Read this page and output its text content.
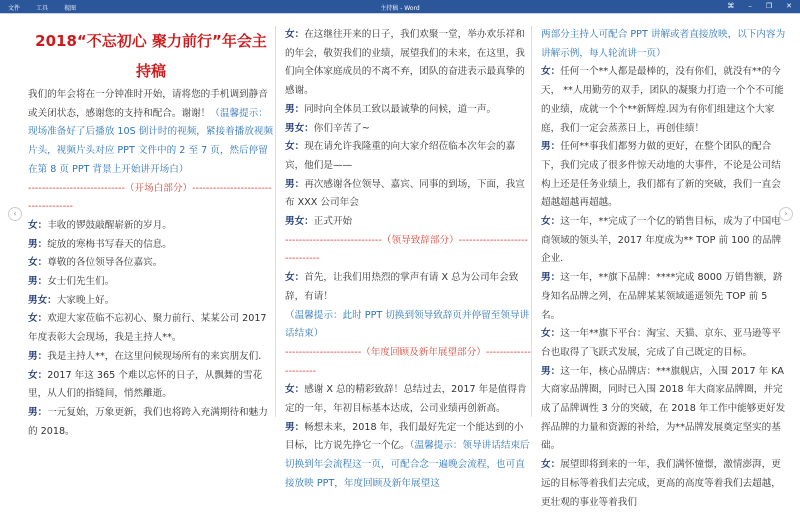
文件	工具	视图	主持稿 - Word	⌘ – ❐ ✕
‹	›
2018“不忘初心 聚力前行”年会主持稿
我们的年会将在一分钟准时开始，请将您的手机调到静音或关闭状态，感谢您的支持和配合。谢谢！（温馨提示：现场准备好了后播放 10S 倒计时的视频，紧接着播放视频片头，视频片头对应 PPT 文件中的 2 至 7 页，然后停留在第 8 页 PPT 背景上开始讲开场白）
----------------------------（开场白部分）------------------------------------
女：丰收的锣鼓敲醒崭新的岁月。
男：绽放的寒梅书写春天的信息。
女：尊敬的各位领导各位嘉宾。
男：女士们先生们。
男女：大家晚上好。
女：欢迎大家莅临不忘初心、聚力前行、某某公司 2017 年度表彰大会现场，我是主持人**。
男：我是主持人**，在这里问候现场所有的来宾朋友们.
女：2017 年这 365 个难以忘怀的日子，从飘舞的雪花里，从人们的指缝间，悄然離逝。
男：一元复始，万象更新，我们也将跨入充满期待和魅力的 2018。
女：在这继往开来的日子，我们欢聚一堂，举办欢乐祥和的年会，敬贺我们的业绩，展望我们的未来，在这里，我们向全体家庭成员的不离不弃，团队的奋进表示最真挚的感谢。
男：同时向全体员工致以最诚挚的问候，道一声。
男女：你们辛苦了~
女：现在请允许我隆重的向大家介绍莅临本次年会的嘉宾，他们是——
男：再次感谢各位领导、嘉宾、同事的到场，下面，我宣布 XXX 公司年会
男女：正式开始
----------------------------（领导致辞部分）------------------------------
女：首先，让我们用热烈的掌声有请 X 总为公司年会致辞，有请！
（温馨提示：此时 PPT 切换到领导致辞页并停留至领导讲话结束）
----------------------（年度回顾及新年展望部分）----------------------
女：感谢 X 总的精彩致辞！总结过去，2017 年是值得肯定的一年，年初目标基本达成，公司业绩再创新高。
男：畅想未来，2018 年，我们最好先定一个能达到的小目标，比方说先挣它一个亿。（温馨提示：领导讲话结束后切换到年会流程这一页，可配合念一遍晚会流程，也可直接放映 PPT，年度回顾及新年展望这
两部分主持人可配合 PPT 讲解或者直接放映，以下内容为讲解示例，每人轮流讲一页）
女：任何一个**人都是最棒的，没有你们，就没有**的今天， **人用勤劳的双手，团队的凝聚力打造一个个不可能的业绩，成就一个个**新辉煌.因为有你们组建这个大家庭，我们一定会蒸蒸日上，再创佳绩！
男：任何**事我们都努力做的更好，在整个团队的配合下，我们完成了很多件惊天动地的大事件，不论是公司结构上还是任务业绩上，我们都有了新的突破，我们一直会超越超越再超越。
女：这一年，**完成了一个亿的销售目标，成为了中国电商领域的领头羊，2017 年度成为** TOP 前 100 的品牌企业.
男：这一年，**旗下品牌：****完成 8000 万销售额，跻身知名品牌之列，在品牌某某领域遥遥领先 TOP 前 5 名。
女：这一年**旗下平台：淘宝、天猫、京东、亚马逊等平台也取得了飞跃式发展，完成了自己既定的目标。
男：这一年，核心品牌店：***旗舰店，入围 2017 年 KA 大商家品牌圈，同时已入围 2018 年大商家品牌圈，并完成了品牌调性 3 分的突破，在 2018 年工作中能够更好发挥品牌的力量和资源的补给，为**品牌发展奠定坚实的基础。
女：展望即将到来的一年，我们满怀憧憬，激情澎湃，更远的目标等着我们去完成，更高的高度等着我们去超越，更壮观的事业等着我们
